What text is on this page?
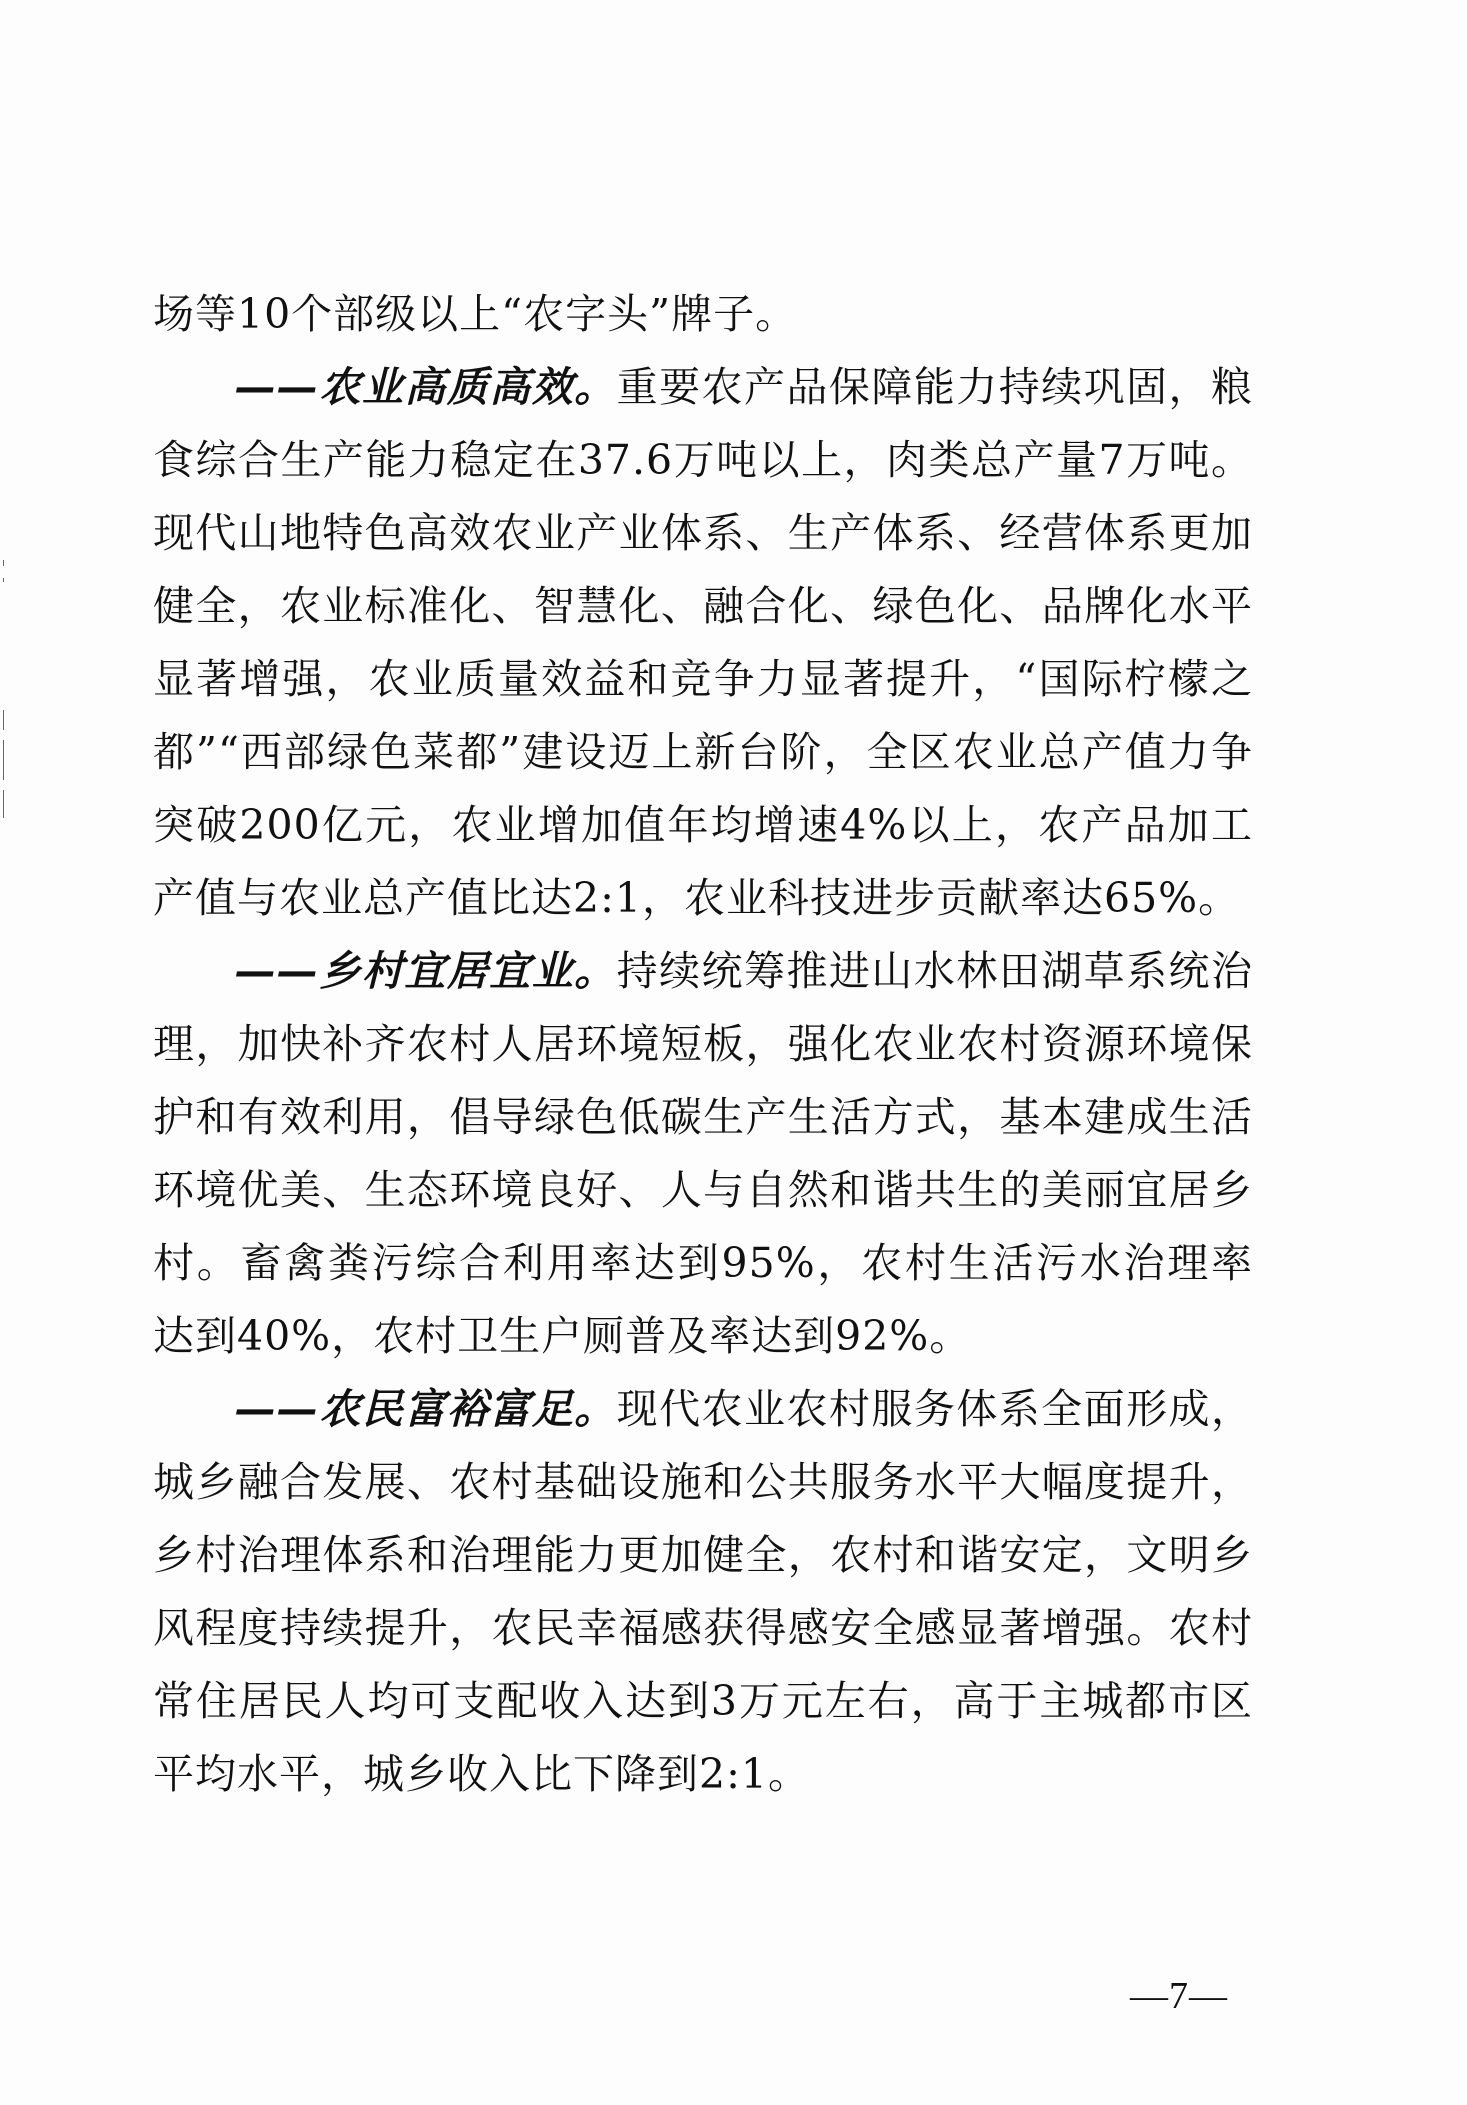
场等10个部级以上“农字头”牌子。

——农业高质高效。重要农产品保障能力持续巩固，粮食综合生产能力稳定在37.6万吨以上，肉类总产量7万吨。现代山地特色高效农业产业体系、生产体系、经营体系更加健全，农业标准化、智慧化、融合化、绿色化、品牌化水平显著增强，农业质量效益和竞争力显著提升，“国际柠檬之都”“西部绿色菜都”建设迈上新台阶，全区农业总产值力争突破200亿元，农业增加值年均增速4%以上，农产品加工产值与农业总产值比达2:1，农业科技进步贡献率达65%。

——乡村宜居宜业。持续统筹推进山水林田湖草系统治理，加快补齐农村人居环境短板，强化农业农村资源环境保护和有效利用，倡导绿色低碳生产生活方式，基本建成生活环境优美、生态环境良好、人与自然和谐共生的美丽宜居乡村。畜禽粪污综合利用率达到95%，农村生活污水治理率达到40%，农村卫生户厕普及率达到92%。

——农民富裕富足。现代农业农村服务体系全面形成，城乡融合发展、农村基础设施和公共服务水平大幅度提升，乡村治理体系和治理能力更加健全，农村和谐安定，文明乡风程度持续提升，农民幸福感获得感安全感显著增强。农村常住居民人均可支配收入达到3万元左右，高于主城都市区平均水平，城乡收入比下降到2:1。

—7—
